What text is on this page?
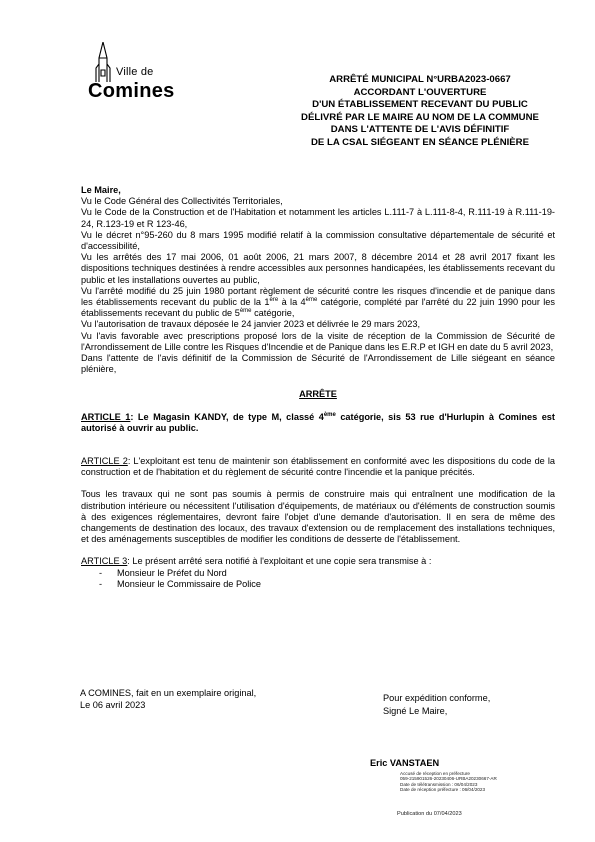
Ville de
Comines
ARRÊTÉ MUNICIPAL N°URBA2023-0667
ACCORDANT L'OUVERTURE
D'UN ÉTABLISSEMENT RECEVANT DU PUBLIC
DÉLIVRÉ PAR LE MAIRE AU NOM DE LA COMMUNE
DANS L'ATTENTE DE L'AVIS DÉFINITIF
DE LA CSAL SIÉGEANT EN SÉANCE PLÉNIÈRE

Le Maire,

Vu le Code Général des Collectivités Territoriales,

Vu le Code de la Construction et de l'Habitation et notamment les articles L.111-7 à L.111-8-4, R.111-19 à R.111-19-24, R.123-19 et R 123-46,

Vu le décret n°95-260 du 8 mars 1995 modifié relatif à la commission consultative départementale de sécurité et d'accessibilité,

Vu les arrêtés des 17 mai 2006, 01 août 2006, 21 mars 2007, 8 décembre 2014 et 28 avril 2017 fixant les dispositions techniques destinées à rendre accessibles aux personnes handicapées, les établissements recevant du public et les installations ouvertes au public,

Vu l'arrêté modifié du 25 juin 1980 portant règlement de sécurité contre les risques d'incendie et de panique dans les établissements recevant du public de la 1ère à la 4ème catégorie, complété par l'arrêté du 22 juin 1990 pour les établissements recevant du public de 5ème catégorie,

Vu l'autorisation de travaux déposée le 24 janvier 2023 et délivrée le 29 mars 2023,

Vu l'avis favorable avec prescriptions proposé lors de la visite de réception de la Commission de Sécurité de l'Arrondissement de Lille contre les Risques d'Incendie et de Panique dans les E.R.P et IGH en date du 5 avril 2023,

Dans l'attente de l'avis définitif de la Commission de Sécurité de l'Arrondissement de Lille siégeant en séance plénière,

ARRÊTE

ARTICLE 1: Le Magasin KANDY, de type M, classé 4ème catégorie, sis 53 rue d'Hurlupin à Comines est autorisé à ouvrir au public.

ARTICLE 2: L'exploitant est tenu de maintenir son établissement en conformité avec les dispositions du code de la construction et de l'habitation et du règlement de sécurité contre l'incendie et la panique précités.

Tous les travaux qui ne sont pas soumis à permis de construire mais qui entraînent une modification de la distribution intérieure ou nécessitent l'utilisation d'équipements, de matériaux ou d'éléments de construction soumis à des exigences réglementaires, devront faire l'objet d'une demande d'autorisation. Il en sera de même des changements de destination des locaux, des travaux d'extension ou de remplacement des installations techniques, et des aménagements susceptibles de modifier les conditions de desserte de l'établissement.

ARTICLE 3: Le présent arrêté sera notifié à l'exploitant et une copie sera transmise à :

- Monsieur le Préfet du Nord
- Monsieur le Commissaire de Police
A COMINES, fait en un exemplaire original,
Le 06 avril 2023
Pour expédition conforme,
Signé Le Maire,
Eric VANSTAEN
Accusé de réception en préfecture
059-215901526-20230406-URBA20230667-AR
Date de télétransmission : 06/04/2023
Date de réception préfecture : 06/04/2023
Publication du 07/04/2023
